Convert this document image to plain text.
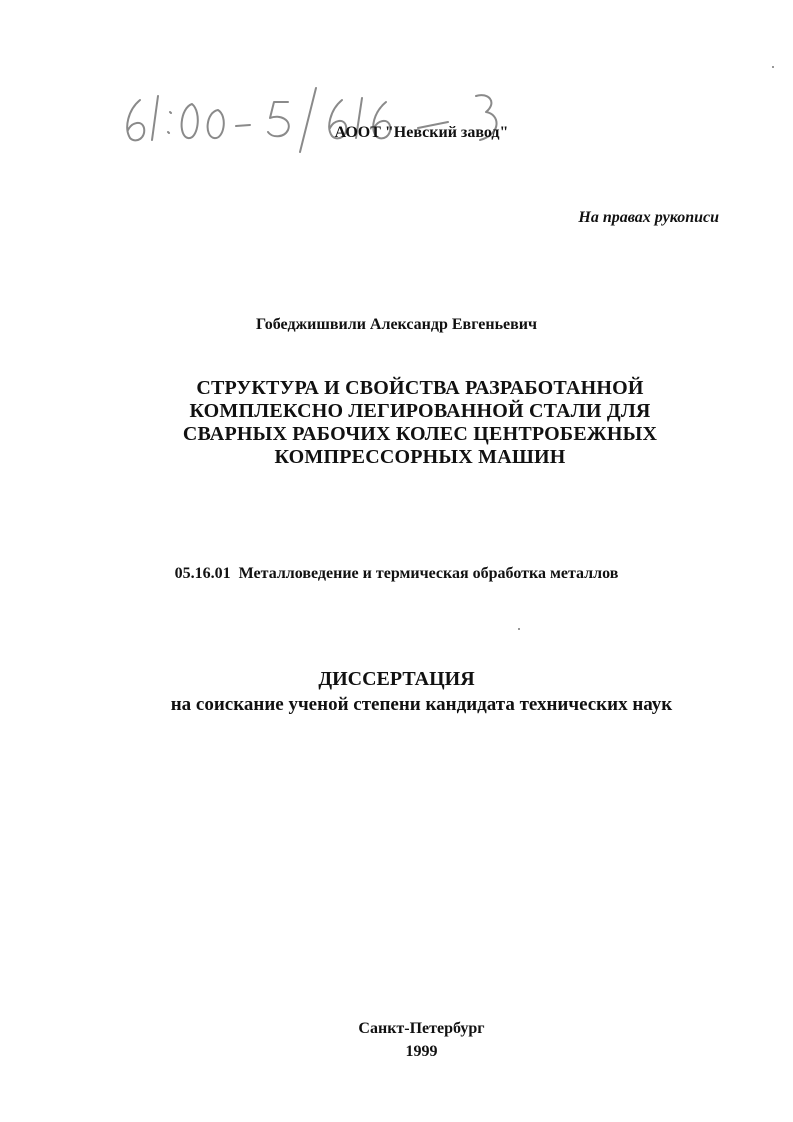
АООТ "Невский завод"
На правах рукописи
Гобеджишвили Александр Евгеньевич
СТРУКТУРА И СВОЙСТВА РАЗРАБОТАННОЙ
КОМПЛЕКСНО ЛЕГИРОВАННОЙ СТАЛИ ДЛЯ
СВАРНЫХ РАБОЧИХ КОЛЕС ЦЕНТРОБЕЖНЫХ
КОМПРЕССОРНЫХ МАШИН
05.16.01 Металловедение и термическая обработка металлов
ДИССЕРТАЦИЯ
на соискание ученой степени кандидата технических наук
Санкт-Петербург
1999
